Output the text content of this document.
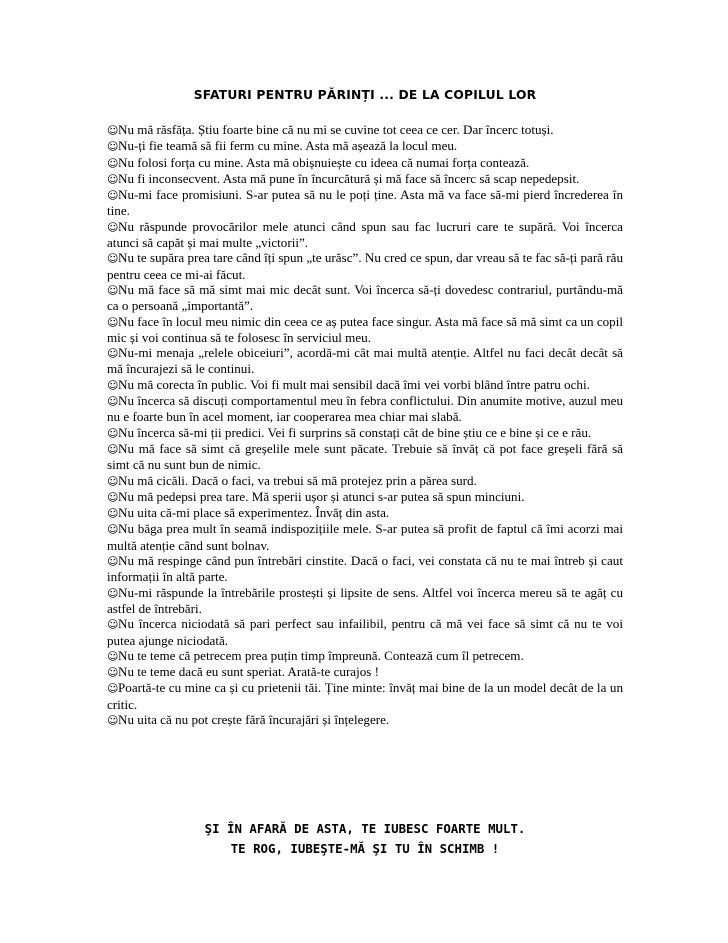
SFATURI PENTRU PĂRINȚI ... DE LA COPILUL LOR
☺Nu mă răsfăța. Știu foarte bine că nu mi se cuvine tot ceea ce cer. Dar încerc totuși.
☺Nu-ți fie teamă să fii ferm cu mine. Asta mă așează la locul meu.
☺Nu folosi forța cu mine. Asta mă obișnuiește cu ideea că numai forța contează.
☺Nu fi inconsecvent. Asta mă pune în încurcătură și mă face să încerc să scap nepedepsit.
☺Nu-mi face promisiuni. S-ar putea să nu le poți ține. Asta mă va face să-mi pierd încrederea în tine.
☺Nu răspunde provocărilor mele atunci când spun sau fac lucruri care te supără. Voi încerca atunci să capăt și mai multe „victorii”.
☺Nu te supăra prea tare când îți spun „te urăsc”. Nu cred ce spun, dar vreau să te fac să-ți pară rău pentru ceea ce mi-ai făcut.
☺Nu mă face să mă simt mai mic decât sunt. Voi încerca să-ți dovedesc contrariul, purtându-mă ca o persoană „importantă”.
☺Nu face în locul meu nimic din ceea ce aș putea face singur. Asta mă face să mă simt ca un copil mic și voi continua să te folosesc în serviciul meu.
☺Nu-mi menaja „relele obiceiuri”, acordă-mi cât mai multă atenție. Altfel nu faci decât decât să mă încurajezi să le continui.
☺Nu mă corecta în public. Voi fi mult mai sensibil dacă îmi vei vorbi blând între patru ochi.
☺Nu încerca să discuți comportamentul meu în febra conflictului. Din anumite motive, auzul meu nu e foarte bun în acel moment, iar cooperarea mea chiar mai slabă.
☺Nu încerca să-mi ții predici. Vei fi surprins să constați cât de bine știu ce e bine și ce e rău.
☺Nu mă face să simt că greșelile mele sunt păcate. Trebuie să învăț că pot face greșeli fără să simt că nu sunt bun de nimic.
☺Nu mă cicăli. Dacă o faci, va trebui să mă protejez prin a părea surd.
☺Nu mă pedepsi prea tare. Mă sperii ușor și atunci s-ar putea să spun minciuni.
☺Nu uita că-mi place să experimentez. Învăț din asta.
☺Nu băga prea mult în seamă indispozițiile mele. S-ar putea să profit de faptul că îmi acorzi mai multă atenție când sunt bolnav.
☺Nu mă respinge când pun întrebări cinstite. Dacă o faci, vei constata că nu te mai întreb și caut informații în altă parte.
☺Nu-mi răspunde la întrebările prostești și lipsite de sens. Altfel voi încerca mereu să te agăț cu astfel de întrebări.
☺Nu încerca niciodată să pari perfect sau infailibil, pentru că mă vei face să simt că nu te voi putea ajunge niciodată.
☺Nu te teme că petrecem prea puțin timp împreună. Contează cum îl petrecem.
☺Nu te teme dacă eu sunt speriat. Arată-te curajos !
☺Poartă-te cu mine ca și cu prietenii tăi. Ține minte: învăț mai bine de la un model decât de la un critic.
☺Nu uita că nu pot crește fără încurajări și înțelegere.
ŞI ÎN AFARĂ DE ASTA, TE IUBESC FOARTE MULT.
TE ROG, IUBEŞTE-MĂ ŞI TU ÎN SCHIMB !
